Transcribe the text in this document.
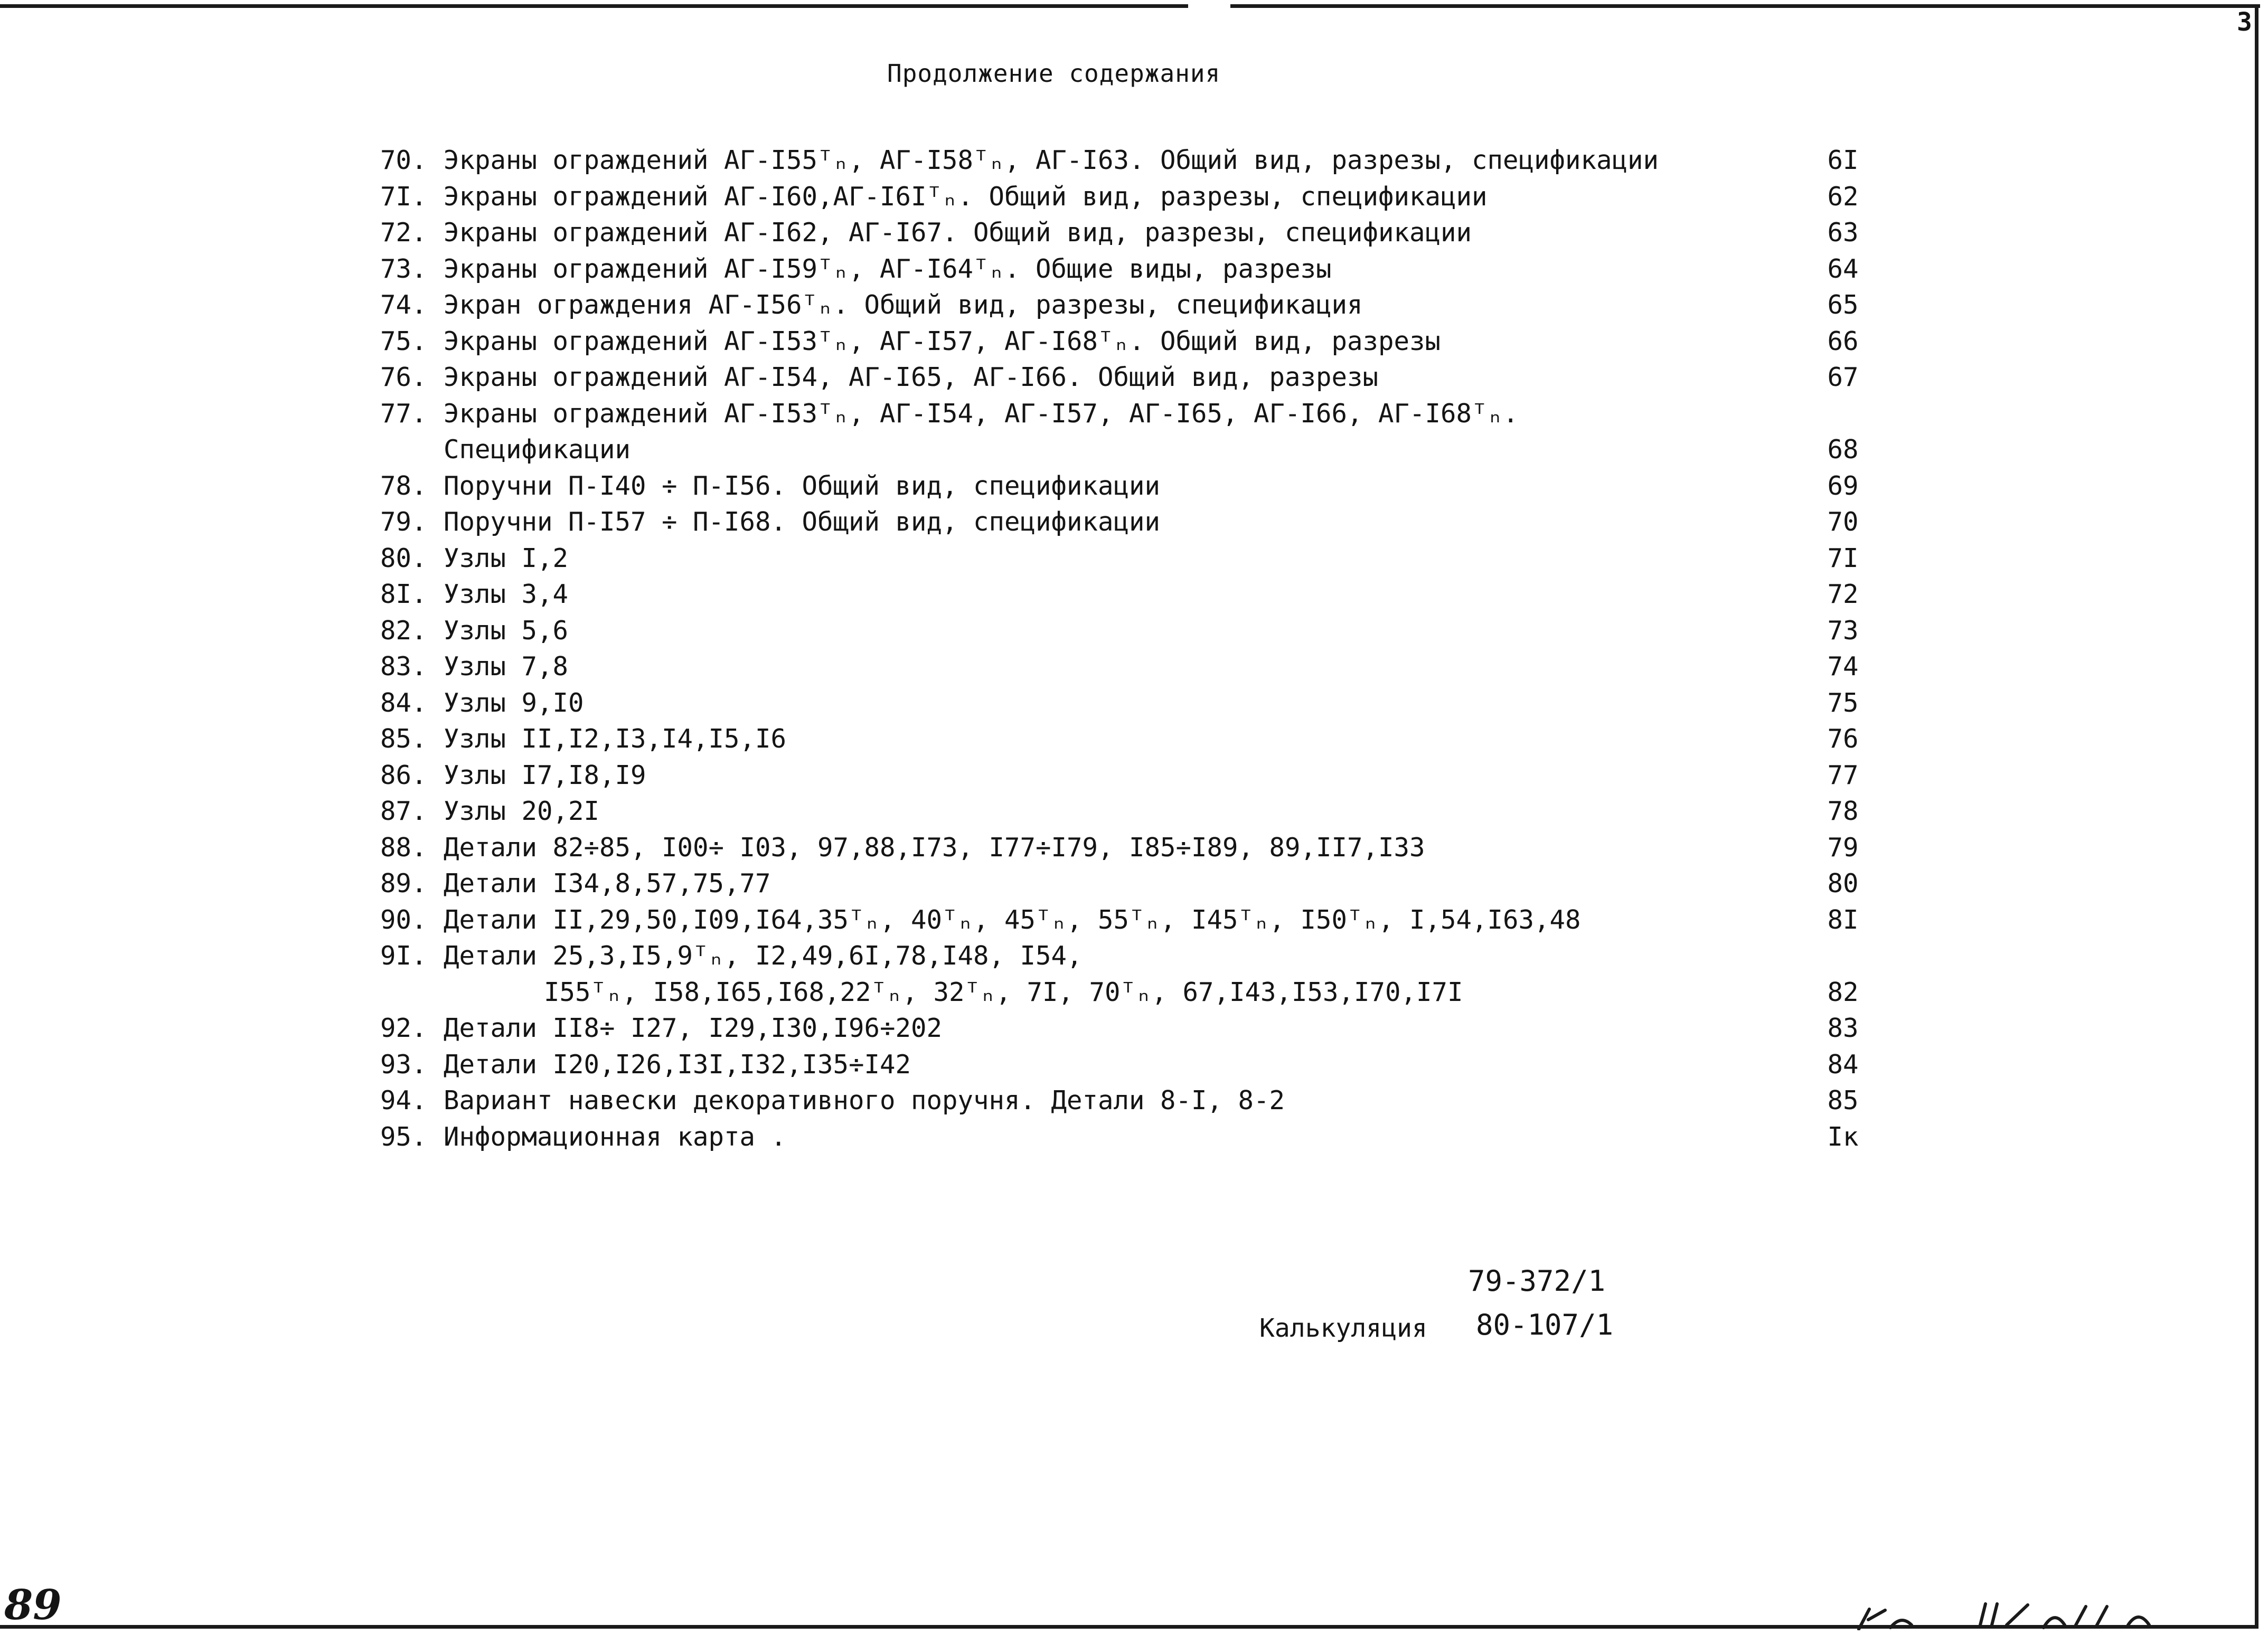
3
Продолжение содержания
70. Экраны ограждений АГ-I55ᵀₙ, АГ-I58ᵀₙ, АГ-I63. Общий вид, разрезы, спецификации	6I
7I. Экраны ограждений АГ-I60,АГ-I6Iᵀₙ. Общий вид, разрезы, спецификации	62
72. Экраны ограждений АГ-I62, АГ-I67. Общий вид, разрезы, спецификации	63
73. Экраны ограждений АГ-I59ᵀₙ, АГ-I64ᵀₙ. Общие виды, разрезы	64
74. Экран ограждения АГ-I56ᵀₙ. Общий вид, разрезы, спецификация	65
75. Экраны ограждений АГ-I53ᵀₙ, АГ-I57, АГ-I68ᵀₙ. Общий вид, разрезы	66
76. Экраны ограждений АГ-I54, АГ-I65, АГ-I66. Общий вид, разрезы	67
77. Экраны ограждений АГ-I53ᵀₙ, АГ-I54, АГ-I57, АГ-I65, АГ-I66, АГ-I68ᵀₙ.
Спецификации	68
78. Поручни П-I40 ÷ П-I56. Общий вид, спецификации	69
79. Поручни П-I57 ÷ П-I68. Общий вид, спецификации	70
80. Узлы I,2	7I
8I. Узлы 3,4	72
82. Узлы 5,6	73
83. Узлы 7,8	74
84. Узлы 9,I0	75
85. Узлы II,I2,I3,I4,I5,I6	76
86. Узлы I7,I8,I9	77
87. Узлы 20,2I	78
88. Детали 82÷85, I00÷ I03, 97,88,I73, I77÷I79, I85÷I89, 89,II7,I33	79
89. Детали I34,8,57,75,77	80
90. Детали II,29,50,I09,I64,35ᵀₙ, 40ᵀₙ, 45ᵀₙ, 55ᵀₙ, I45ᵀₙ, I50ᵀₙ, I,54,I63,48	8I
9I. Детали 25,3,I5,9ᵀₙ, I2,49,6I,78,I48, I54,
I55ᵀₙ, I58,I65,I68,22ᵀₙ, 32ᵀₙ, 7I, 70ᵀₙ, 67,I43,I53,I70,I7I	82
92. Детали II8÷ I27, I29,I30,I96÷202	83
93. Детали I20,I26,I3I,I32,I35÷I42	84
94. Вариант навески декоративного поручня. Детали 8-I, 8-2	85
95. Информационная карта .	Iк
79-372/1
Калькуляция 80-107/1
89
